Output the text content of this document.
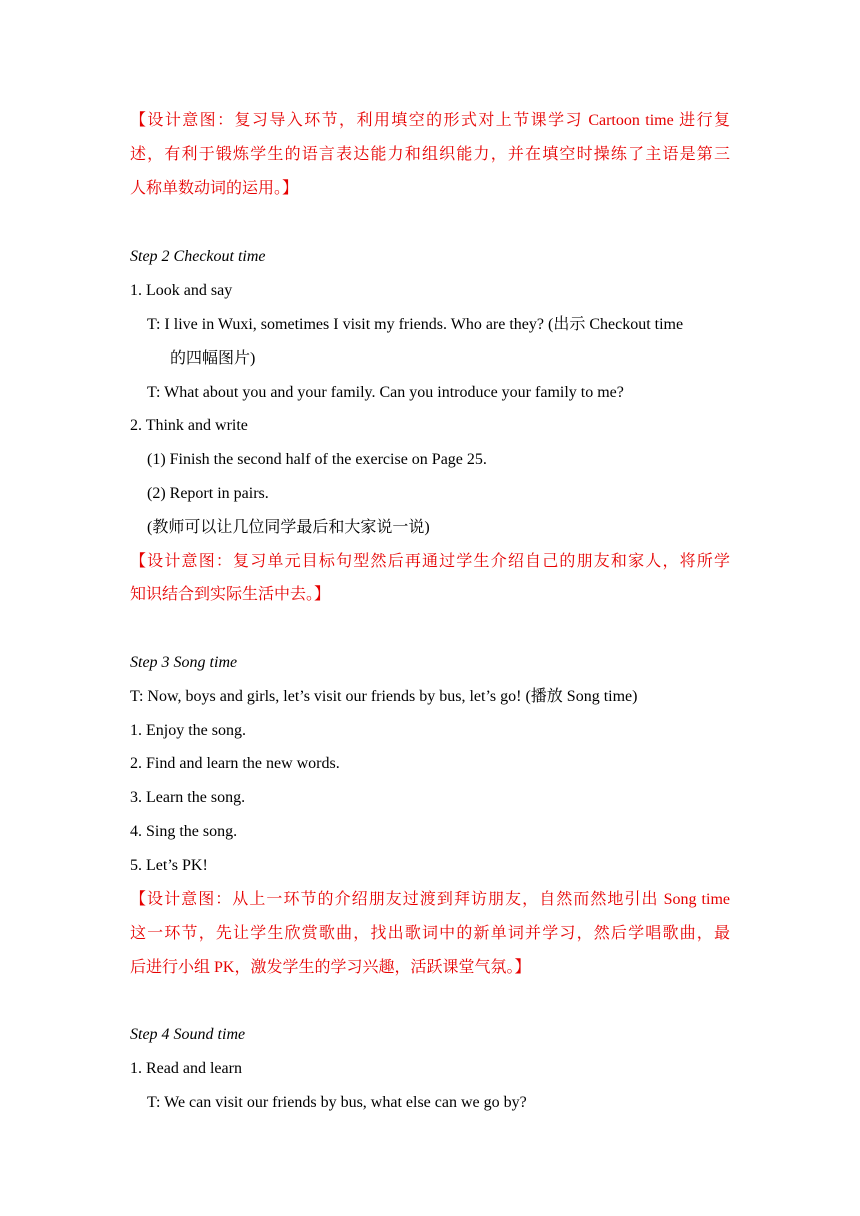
【设计意图：复习导入环节，利用填空的形式对上节课学习 Cartoon time 进行复
述，有利于锻炼学生的语言表达能力和组织能力，并在填空时操练了主语是第三
人称单数动词的运用。】
Step 2 Checkout time
1. Look and say
T: I live in Wuxi, sometimes I visit my friends. Who are they? (出示 Checkout time
的四幅图片)
T: What about you and your family. Can you introduce your family to me?
2. Think and write
(1) Finish the second half of the exercise on Page 25.
(2) Report in pairs.
(教师可以让几位同学最后和大家说一说)
【设计意图：复习单元目标句型然后再通过学生介绍自己的朋友和家人，将所学
知识结合到实际生活中去。】
Step 3 Song time
T: Now, boys and girls, let’s visit our friends by bus, let’s go! (播放 Song time)
1. Enjoy the song.
2. Find and learn the new words.
3. Learn the song.
4. Sing the song.
5. Let’s PK!
【设计意图：从上一环节的介绍朋友过渡到拜访朋友，自然而然地引出 Song time
这一环节，先让学生欣赏歌曲，找出歌词中的新单词并学习，然后学唱歌曲，最
后进行小组 PK，激发学生的学习兴趣，活跃课堂气氛。】
Step 4 Sound time
1. Read and learn
T: We can visit our friends by bus, what else can we go by?
